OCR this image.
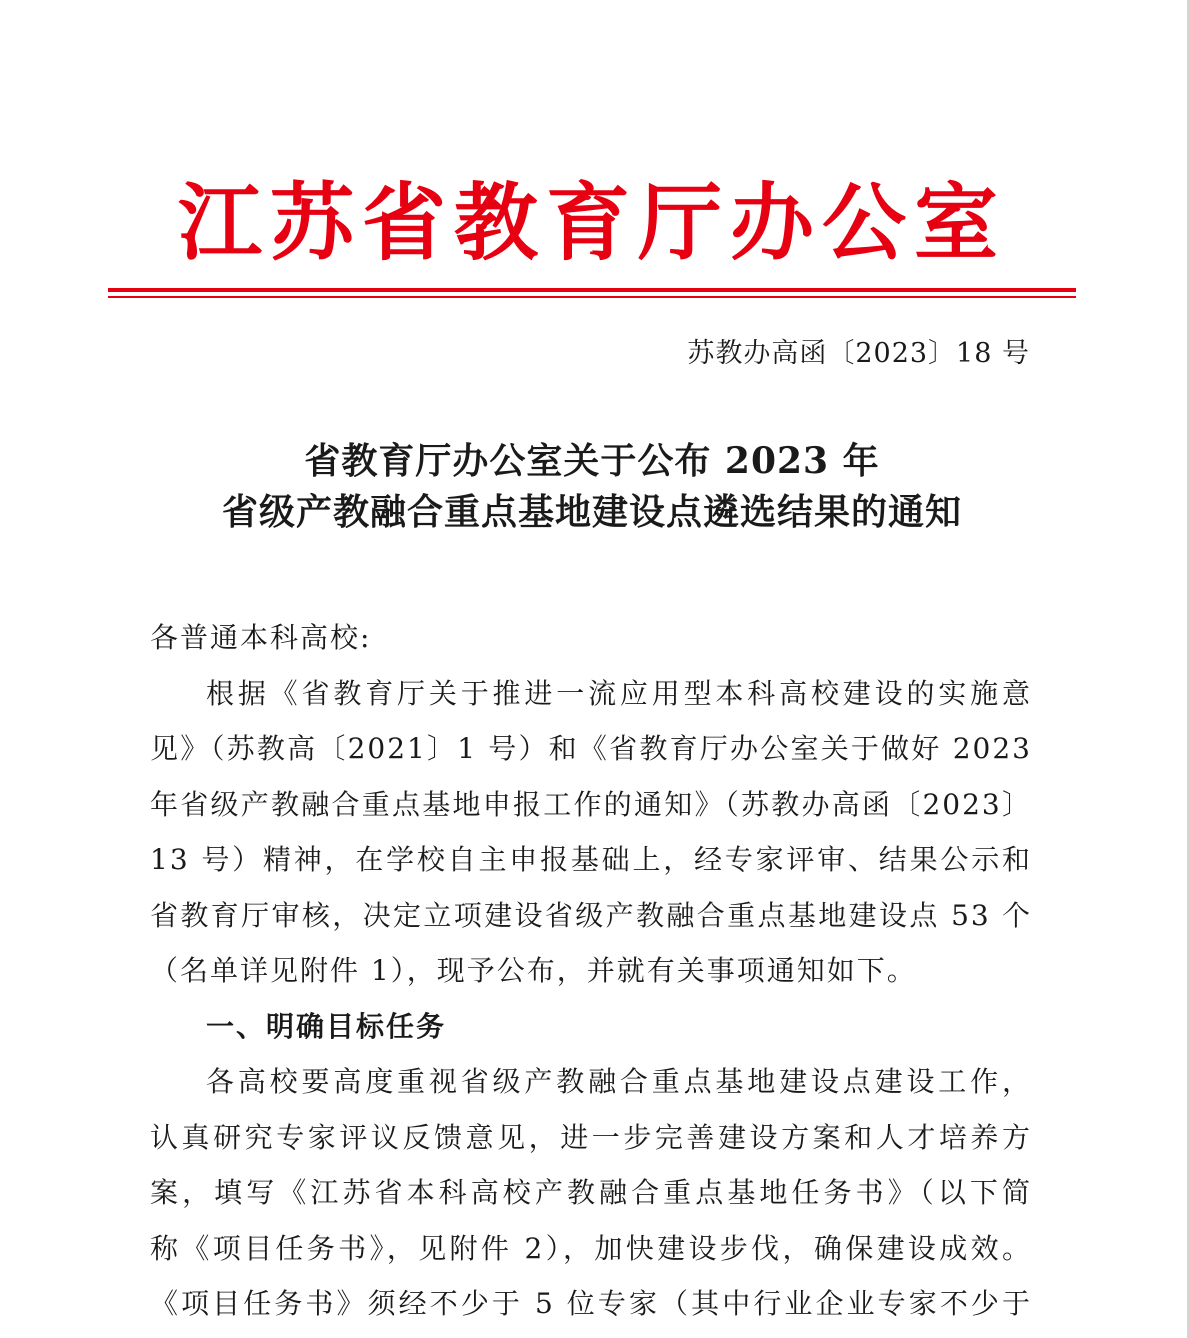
江苏省教育厅办公室
苏教办高函〔2023〕18 号
省教育厅办公室关于公布 2023 年
省级产教融合重点基地建设点遴选结果的通知

各普通本科高校:

根据《省教育厅关于推进一流应用型本科高校建设的实施意

见》（苏教高〔2021〕1 号）和《省教育厅办公室关于做好 2023

年省级产教融合重点基地申报工作的通知》（苏教办高函〔2023〕

13 号）精神，在学校自主申报基础上，经专家评审、结果公示和

省教育厅审核，决定立项建设省级产教融合重点基地建设点 53 个

（名单详见附件 1），现予公布，并就有关事项通知如下。

一、明确目标任务

各高校要高度重视省级产教融合重点基地建设点建设工作，

认真研究专家评议反馈意见，进一步完善建设方案和人才培养方

案，填写《江苏省本科高校产教融合重点基地任务书》（以下简

称《项目任务书》，见附件 2），加快建设步伐，确保建设成效。

《项目任务书》须经不少于 5 位专家（其中行业企业专家不少于
